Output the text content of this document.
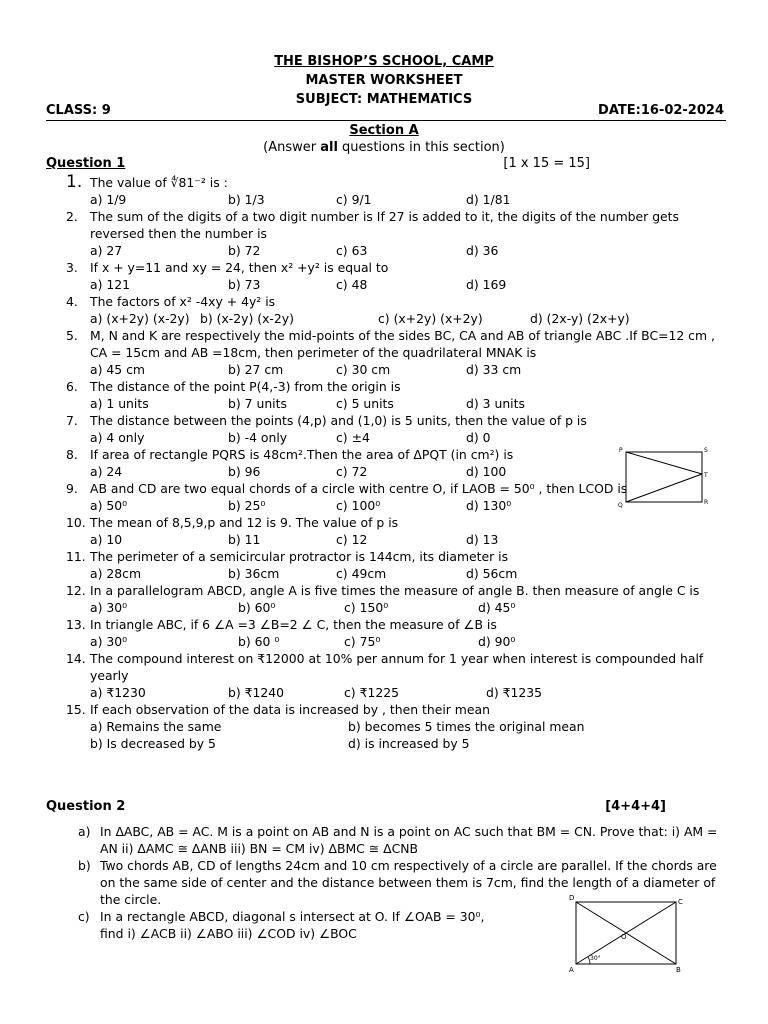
THE BISHOP’S SCHOOL, CAMP
MASTER WORKSHEET
SUBJECT: MATHEMATICS
CLASS: 9	DATE:16-02-2024
Section A
(Answer all questions in this section)
Question 1	[1 x 15 = 15]
1. The value of ∜81⁻² is :
a) 1/9	b) 1/3	c) 9/1	d) 1/81
2. The sum of the digits of a two digit number is If 27 is added to it, the digits of the number gets reversed then the number is
a) 27	b) 72	c) 63	d) 36
3. If x + y=11 and xy = 24, then x² +y² is equal to
a) 121	b) 73	c) 48	d) 169
4. The factors of x² -4xy + 4y² is
a) (x+2y) (x-2y) b) (x-2y) (x-2y)	c) (x+2y) (x+2y)	d) (2x-y) (2x+y)
5. M, N and K are respectively the mid-points of the sides BC, CA and AB of triangle ABC .If BC=12 cm , CA = 15cm and AB =18cm, then perimeter of the quadrilateral MNAK is
a) 45 cm	b) 27 cm	c) 30 cm	d) 33 cm
6. The distance of the point P(4,-3) from the origin is
a) 1 units	b) 7 units	c) 5 units	d) 3 units
7. The distance between the points (4,p) and (1,0) is 5 units, then the value of p is
a) 4 only	b) -4 only	c) ±4	d) 0
8. If area of rectangle PQRS is 48cm².Then the area of ΔPQT (in cm²) is
a) 24	b) 96	c) 72	d) 100
9. AB and CD are two equal chords of a circle with centre O, if LAOB = 50⁰ , then LCOD is
a) 50⁰	b) 25⁰	c) 100⁰	d) 130⁰
10. The mean of 8,5,9,p and 12 is 9. The value of p is
a) 10	b) 11	c) 12	d) 13
11. The perimeter of a semicircular protractor is 144cm, its diameter is
a) 28cm	b) 36cm	c) 49cm	d) 56cm
12. In a parallelogram ABCD, angle A is five times the measure of angle B. then measure of angle C is
a) 30⁰	b) 60⁰	c) 150⁰	d) 45⁰
13. In triangle ABC, if 6 ∠A =3 ∠B=2 ∠ C, then the measure of ∠B is
a) 30⁰	b) 60 ⁰	c) 75⁰	d) 90⁰
14. The compound interest on ₹12000 at 10% per annum for 1 year when interest is compounded half yearly
a) ₹1230	b) ₹1240	c) ₹1225	d) ₹1235
15. If each observation of the data is increased by , then their mean
a) Remains the same	b) becomes 5 times the original mean
b) Is decreased by 5	d) is increased by 5
Question 2	[4+4+4]
a) In ΔABC, AB = AC. M is a point on AB and N is a point on AC such that BM = CN. Prove that: i) AM = AN ii) ΔAMC ≅ ΔANB iii) BN = CM iv) ΔBMC ≅ ΔCNB
b) Two chords AB, CD of lengths 24cm and 10 cm respectively of a circle are parallel. If the chords are on the same side of center and the distance between them is 7cm, find the length of a diameter of the circle.
c) In a rectangle ABCD, diagonal s intersect at O. If ∠OAB = 30⁰,
find i) ∠ACB ii) ∠ABO iii) ∠COD iv) ∠BOC
P	S
T
Q	R
D	C
O
A	B
30°
